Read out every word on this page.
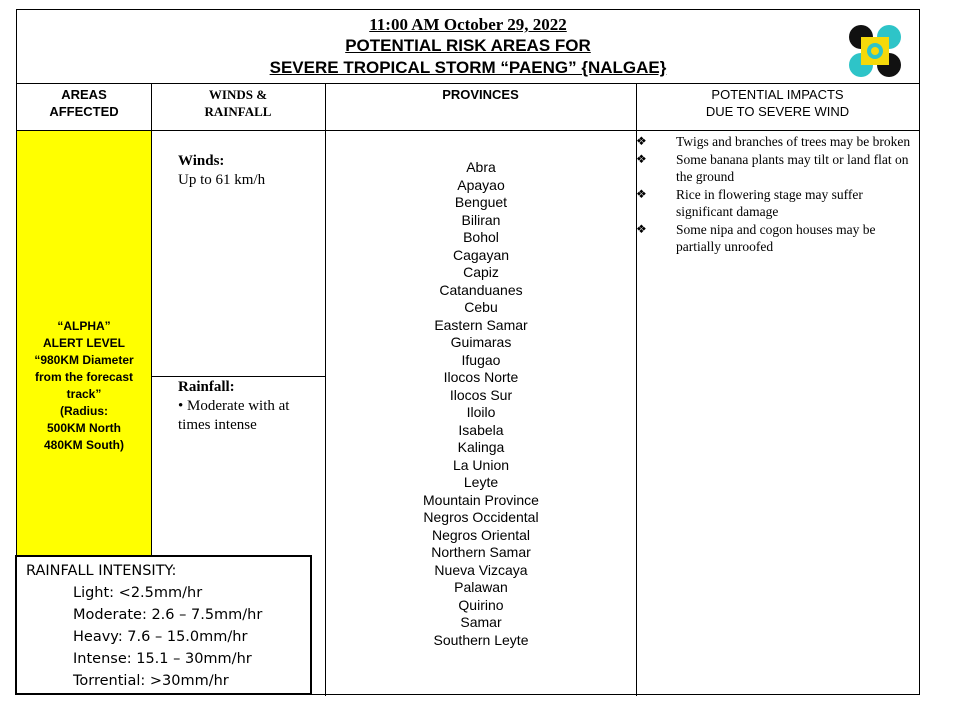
11:00 AM October 29, 2022
POTENTIAL RISK AREAS FOR
SEVERE TROPICAL STORM “PAENG” {NALGAE}
AREAS
AFFECTED
WINDS &
RAINFALL
PROVINCES	POTENTIAL IMPACTS
DUE TO SEVERE WIND
“ALPHA”
ALERT LEVEL
“980KM Diameter
from the forecast
track”
(Radius:
500KM North
480KM South)
Winds:
Up to 61 km/h
Rainfall:
• Moderate with at times intense
Abra
Apayao
Benguet
Biliran
Bohol
Cagayan
Capiz
Catanduanes
Cebu
Eastern Samar
Guimaras
Ifugao
Ilocos Norte
Ilocos Sur
Iloilo
Isabela
Kalinga
La Union
Leyte
Mountain Province
Negros Occidental
Negros Oriental
Northern Samar
Nueva Vizcaya
Palawan
Quirino
Samar
Southern Leyte
❖ Twigs and branches of trees may be broken
❖ Some banana plants may tilt or land flat on the ground
❖ Rice in flowering stage may suffer significant damage
❖ Some nipa and cogon houses may be partially unroofed
RAINFALL INTENSITY:
Light: <2.5mm/hr
Moderate: 2.6 – 7.5mm/hr
Heavy: 7.6 – 15.0mm/hr
Intense: 15.1 – 30mm/hr
Torrential: >30mm/hr
